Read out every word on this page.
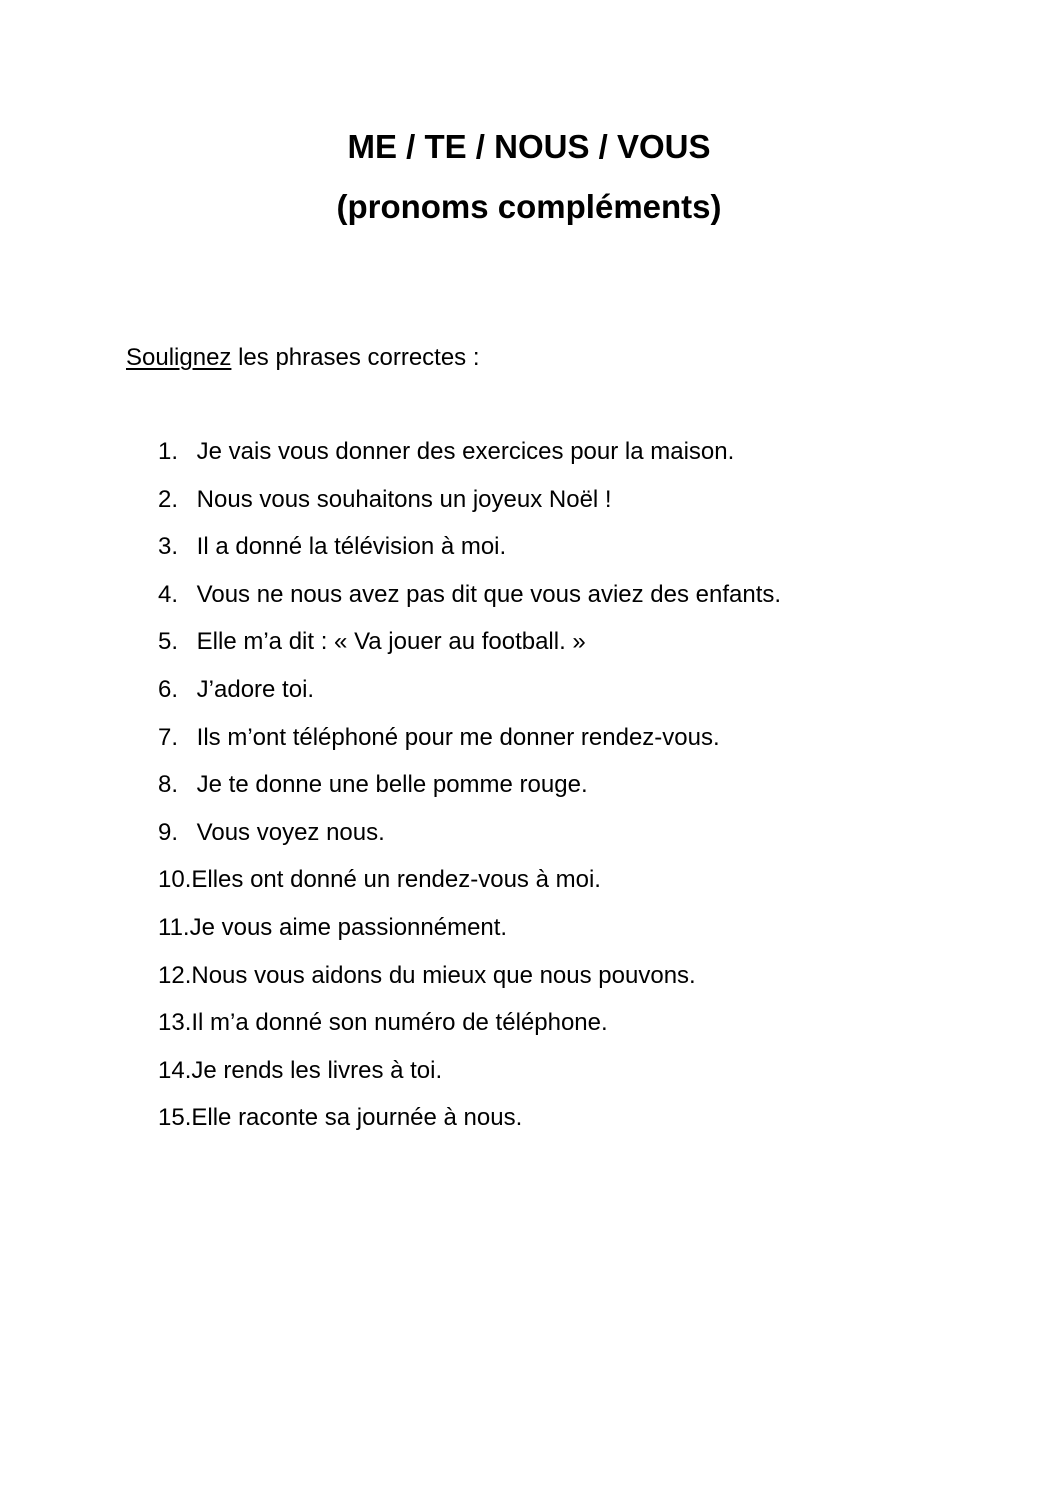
ME / TE / NOUS / VOUS
(pronoms compléments)

Soulignez les phrases correctes :

1. Je vais vous donner des exercices pour la maison.
2. Nous vous souhaitons un joyeux Noël !
3. Il a donné la télévision à moi.
4. Vous ne nous avez pas dit que vous aviez des enfants.
5. Elle m’a dit : « Va jouer au football. »
6. J’adore toi.
7. Ils m’ont téléphoné pour me donner rendez-vous.
8. Je te donne une belle pomme rouge.
9. Vous voyez nous.
10.Elles ont donné un rendez-vous à moi.
11.Je vous aime passionnément.
12.Nous vous aidons du mieux que nous pouvons.
13.Il m’a donné son numéro de téléphone.
14.Je rends les livres à toi.
15.Elle raconte sa journée à nous.
